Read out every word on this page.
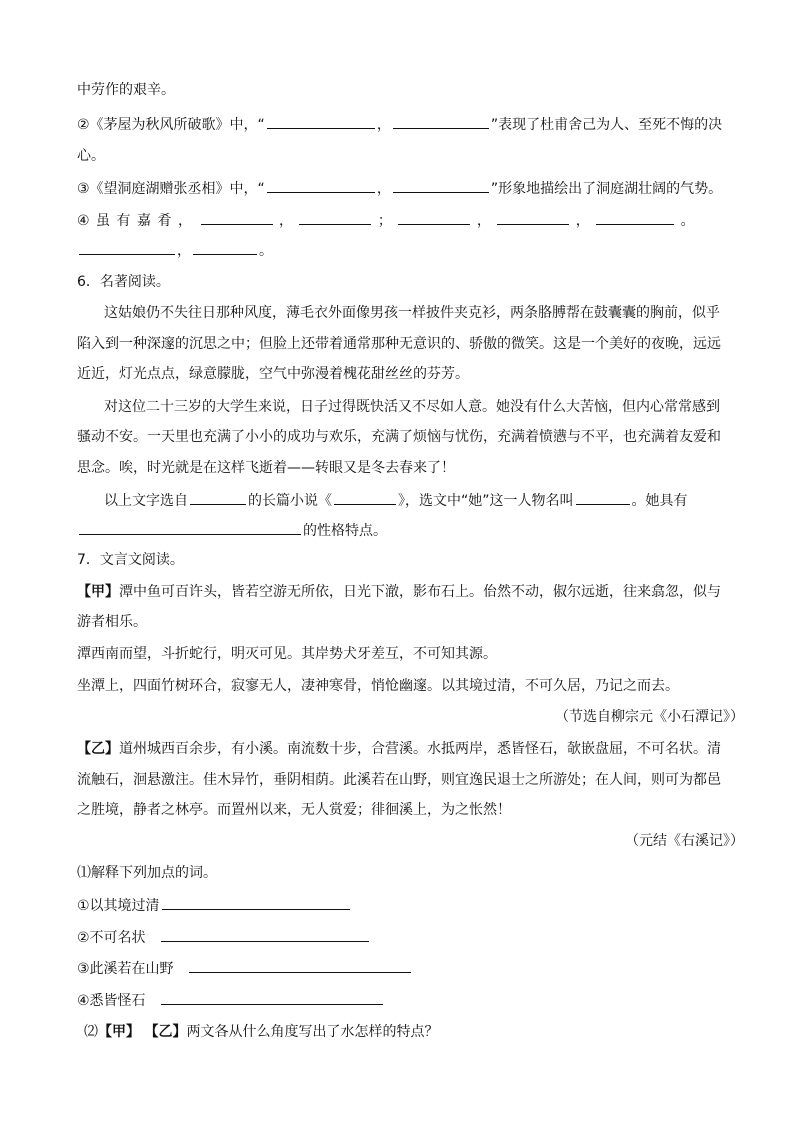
中劳作的艰辛。
②《茅屋为秋风所破歌》中，“	，	”表现了杜甫舍己为人、至死不悔的决
心。
③《望洞庭湖赠张丞相》中，“	，	”形象地描绘出了洞庭湖壮阔的气势。
④虽有嘉肴，	，	；	，	，	。
，	。
6．名著阅读。
这姑娘仍不失往日那种风度，薄毛衣外面像男孩一样披件夹克衫，两条胳膊帮在鼓囊囊的胸前，似乎
陷入到一种深邃的沉思之中；但脸上还带着通常那种无意识的、骄傲的微笑。这是一个美好的夜晚，远远
近近，灯光点点，绿意朦胧，空气中弥漫着槐花甜丝丝的芬芳。
对这位二十三岁的大学生来说，日子过得既快活又不尽如人意。她没有什么大苦恼，但内心常常感到
骚动不安。一天里也充满了小小的成功与欢乐，充满了烦恼与忧伤，充满着愤懑与不平，也充满着友爱和
思念。唉，时光就是在这样飞逝着——转眼又是冬去春来了！
以上文字选自	的长篇小说《	》，选文中“她”这一人物名叫	。她具有
的性格特点。
7．文言文阅读。
【甲】潭中鱼可百许头，皆若空游无所依，日光下澈，影布石上。佁然不动，俶尔远逝，往来翕忽，似与
游者相乐。
潭西南而望，斗折蛇行，明灭可见。其岸势犬牙差互，不可知其源。
坐潭上，四面竹树环合，寂寥无人，凄神寒骨，悄怆幽邃。以其境过清，不可久居，乃记之而去。
（节选自柳宗元《小石潭记》）
【乙】道州城西百余步，有小溪。南流数十步，合营溪。水抵两岸，悉皆怪石，欹嵌盘屈，不可名状。清
流触石，洄悬激注。佳木异竹，垂阴相荫。此溪若在山野，则宜逸民退士之所游处；在人间，则可为都邑
之胜境，静者之林亭。而置州以来，无人赏爱；徘徊溪上，为之怅然！
（元结《右溪记》）
⑴解释下列加点的词。
①以其境过清
②不可名状
③此溪若在山野
④悉皆怪石
⑵【甲】 【乙】两文各从什么角度写出了水怎样的特点？
